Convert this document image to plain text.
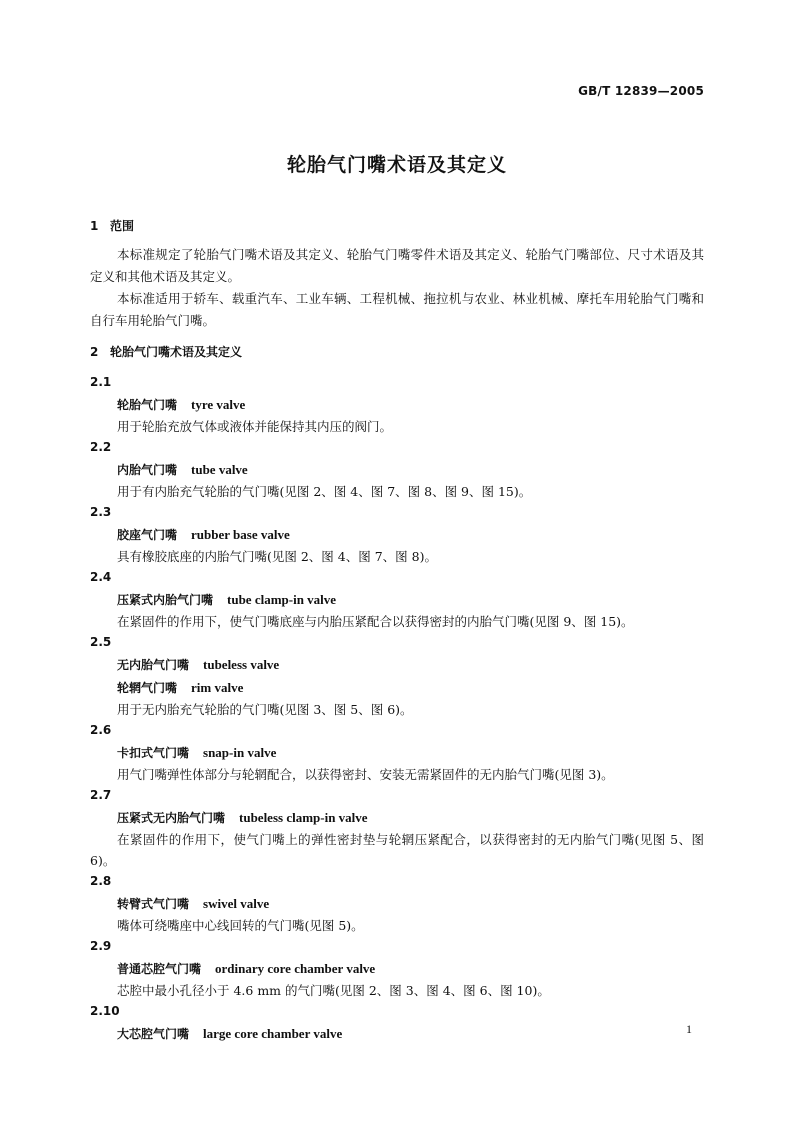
GB/T 12839—2005
轮胎气门嘴术语及其定义

1 范围

本标准规定了轮胎气门嘴术语及其定义、轮胎气门嘴零件术语及其定义、轮胎气门嘴部位、尺寸术语及其定义和其他术语及其定义。

本标准适用于轿车、载重汽车、工业车辆、工程机械、拖拉机与农业、林业机械、摩托车用轮胎气门嘴和自行车用轮胎气门嘴。

2 轮胎气门嘴术语及其定义

2.1

轮胎气门嘴 tyre valve

用于轮胎充放气体或液体并能保持其内压的阀门。

2.2

内胎气门嘴 tube valve

用于有内胎充气轮胎的气门嘴(见图 2、图 4、图 7、图 8、图 9、图 15)。

2.3

胶座气门嘴 rubber base valve

具有橡胶底座的内胎气门嘴(见图 2、图 4、图 7、图 8)。

2.4

压紧式内胎气门嘴 tube clamp-in valve

在紧固件的作用下，使气门嘴底座与内胎压紧配合以获得密封的内胎气门嘴(见图 9、图 15)。

2.5

无内胎气门嘴 tubeless valve

轮辋气门嘴 rim valve

用于无内胎充气轮胎的气门嘴(见图 3、图 5、图 6)。

2.6

卡扣式气门嘴 snap-in valve

用气门嘴弹性体部分与轮辋配合，以获得密封、安装无需紧固件的无内胎气门嘴(见图 3)。

2.7

压紧式无内胎气门嘴 tubeless clamp-in valve

在紧固件的作用下，使气门嘴上的弹性密封垫与轮辋压紧配合，以获得密封的无内胎气门嘴(见图 5、图 6)。

2.8

转臂式气门嘴 swivel valve

嘴体可绕嘴座中心线回转的气门嘴(见图 5)。

2.9

普通芯腔气门嘴 ordinary core chamber valve

芯腔中最小孔径小于 4.6 mm 的气门嘴(见图 2、图 3、图 4、图 6、图 10)。

2.10

大芯腔气门嘴 large core chamber valve	1
